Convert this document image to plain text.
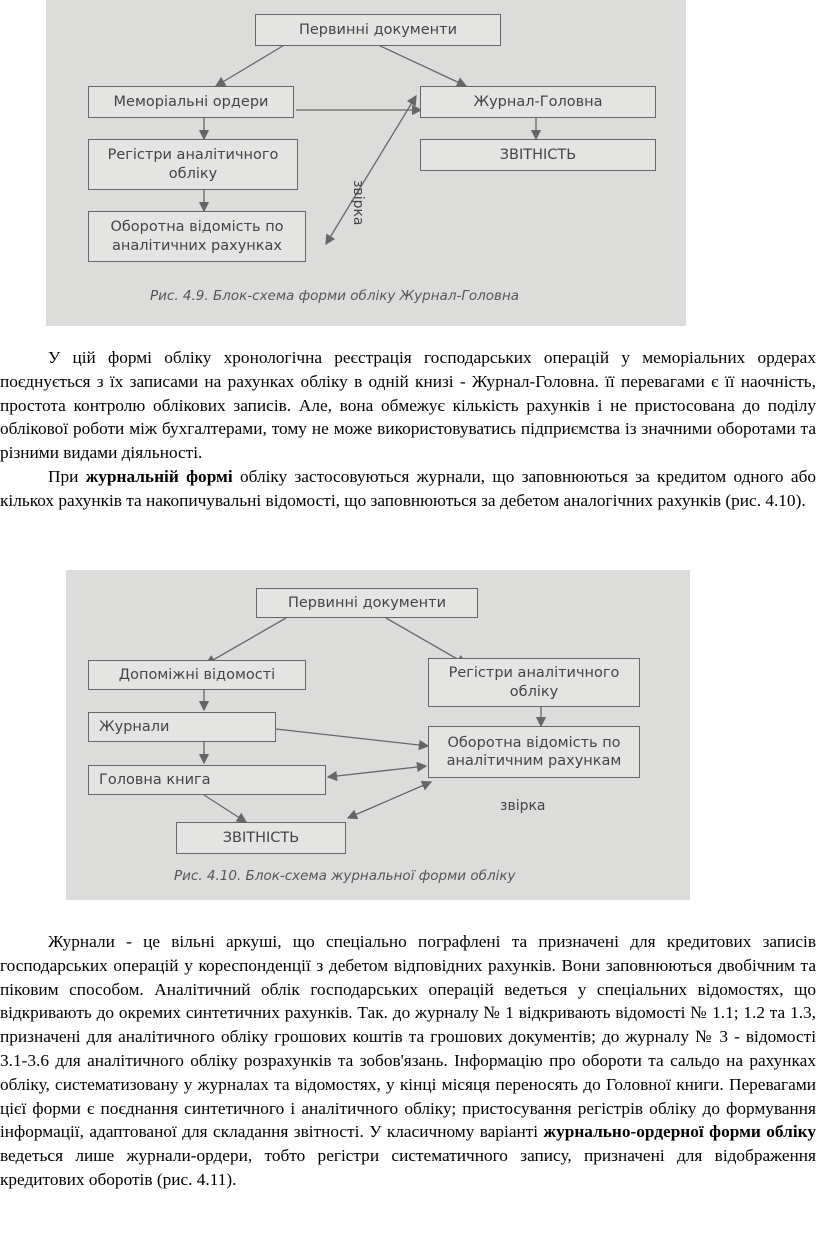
Первинні документи
Меморіальні ордери	Журнал-Головна
Регістри аналітичного обліку
ЗВІТНІСТЬ
Оборотна відомість по аналітичних рахунках
звірка
Рис. 4.9. Блок-схема форми обліку Журнал-Головна

У цій формі обліку хронологічна реєстрація господарських операцій у меморіальних ордерах поєднується з їх записами на рахунках обліку в одній книзі - Журнал-Головна. її перевагами є її наочність, простота контролю облікових записів. Але, вона обмежує кількість рахунків і не пристосована до поділу облікової роботи між бухгалтерами, тому не може використовуватись підприємства із значними оборотами та різними видами діяльності.

При журнальній формі обліку застосовуються журнали, що заповнюються за кредитом одного або кількох рахунків та накопичувальні відомості, що заповнюються за дебетом аналогічних рахунків (рис. 4.10).

Первинні документи
Допоміжні відомості	Регістри аналітичного обліку
Журнали
Оборотна відомість по аналітичним рахункам
Головна книга
ЗВІТНІСТЬ
звірка
Рис. 4.10. Блок-схема журнальної форми обліку

Журнали - це вільні аркуші, що спеціально пографлені та призначені для кредитових записів господарських операцій у кореспонденції з дебетом відповідних рахунків. Вони заповнюються двобічним та піковим способом. Аналітичний облік господарських операцій ведеться у спеціальних відомостях, що відкривають до окремих синтетичних рахунків. Так. до журналу № 1 відкривають відомості № 1.1; 1.2 та 1.3, призначені для аналітичного обліку грошових коштів та грошових документів; до журналу № 3 - відомості 3.1-3.6 для аналітичного обліку розрахунків та зобов'язань. Інформацію про обороти та сальдо на рахунках обліку, систематизовану у журналах та відомостях, у кінці місяця переносять до Головної книги. Перевагами цієї форми є поєднання синтетичного і аналітичного обліку; пристосування регістрів обліку до формування інформації, адаптованої для складання звітності. У класичному варіанті журнально-ордерної форми обліку ведеться лише журнали-ордери, тобто регістри систематичного запису, призначені для відображення кредитових оборотів (рис. 4.11).
